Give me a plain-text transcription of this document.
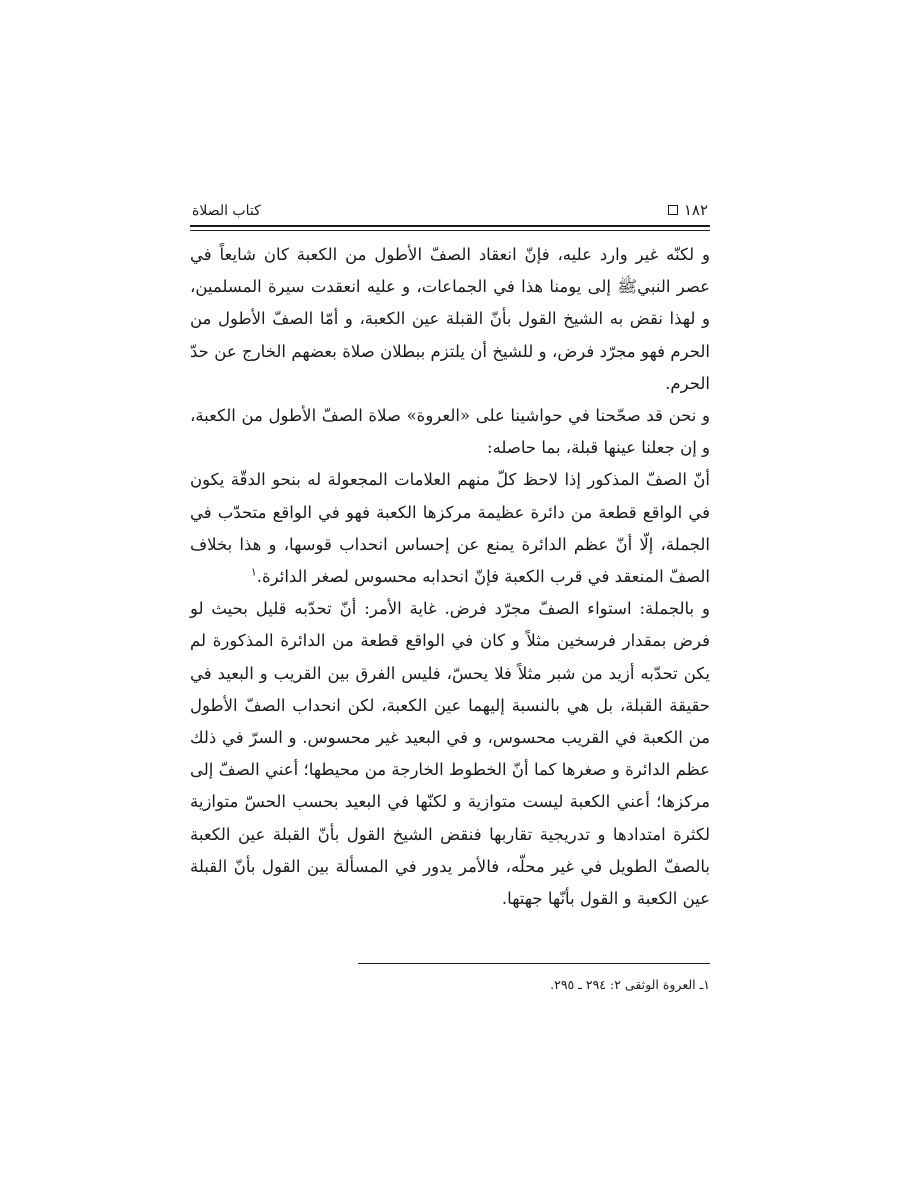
١٨٢
كتاب الصلاة

و لكنّه غير وارد عليه، فإنّ انعقاد الصفّ الأطول من الكعبة كان شايعاً في عصر النبيﷺ إلى يومنا هذا في الجماعات، و عليه انعقدت سيرة المسلمين، و لهذا نقض به الشيخ القول بأنّ القبلة عين الكعبة، و أمّا الصفّ الأطول من الحرم فهو مجرّد فرض، و للشيخ أن يلتزم ببطلان صلاة بعضهم الخارج عن حدّ الحرم.

و نحن قد صحّحنا في حواشينا على «العروة» صلاة الصفّ الأطول من الكعبة، و إن جعلنا عينها قبلة، بما حاصله:

أنّ الصفّ المذكور إذا لاحظ كلّ منهم العلامات المجعولة له بنحو الدقّة يكون في الواقع قطعة من دائرة عظيمة مركزها الكعبة فهو في الواقع متحدّب في الجملة، إلّا أنّ عظم الدائرة يمنع عن إحساس انحداب قوسها، و هذا بخلاف الصفّ المنعقد في قرب الكعبة فإنّ انحدابه محسوس لصغر الدائرة.$^١$

و بالجملة: استواء الصفّ مجرّد فرض. غاية الأمر: أنّ تحدّبه قليل بحيث لو فرض بمقدار فرسخين مثلاً و كان في الواقع قطعة من الدائرة المذكورة لم يكن تحدّبه أزيد من شبر مثلاً فلا يحسّ، فليس الفرق بين القريب و البعيد في حقيقة القبلة، بل هي بالنسبة إليهما عين الكعبة، لكن انحداب الصفّ الأطول من الكعبة في القريب محسوس، و في البعيد غير محسوس. و السرّ في ذلك عظم الدائرة و صغرها كما أنّ الخطوط الخارجة من محيطها؛ أعني الصفّ إلى مركزها؛ أعني الكعبة ليست متوازية و لكنّها في البعيد بحسب الحسّ متوازية لكثرة امتدادها و تدريجية تقاربها فنقض الشيخ القول بأنّ القبلة عين الكعبة بالصفّ الطويل في غير محلّه، فالأمر يدور في المسألة بين القول بأنّ القبلة عين الكعبة و القول بأنّها جهتها.

١ـ العروة الوثقى ٢: ٢٩٤ ـ ٢٩٥.
